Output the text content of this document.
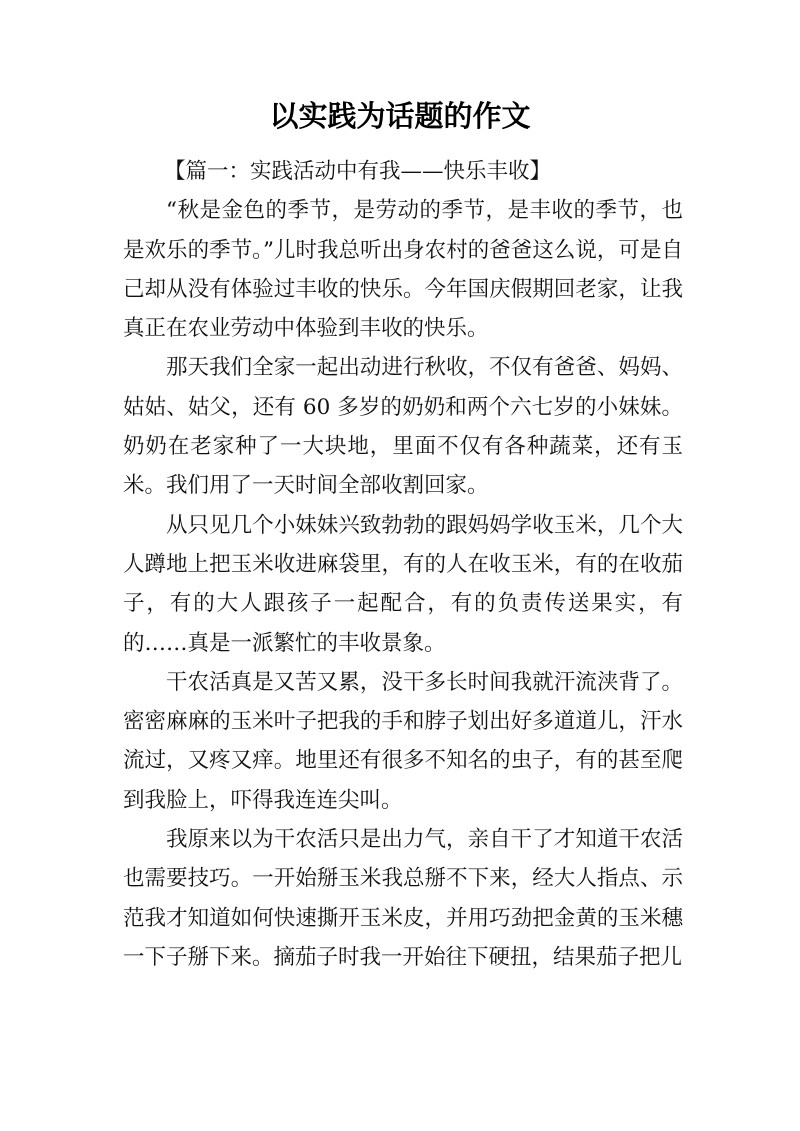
以实践为话题的作文

【篇一：实践活动中有我——快乐丰收】

“秋是金色的季节，是劳动的季节，是丰收的季节，也是欢乐的季节。”儿时我总听出身农村的爸爸这么说，可是自己却从没有体验过丰收的快乐。今年国庆假期回老家，让我真正在农业劳动中体验到丰收的快乐。

那天我们全家一起出动进行秋收，不仅有爸爸、妈妈、姑姑、姑父，还有 60 多岁的奶奶和两个六七岁的小妹妹。奶奶在老家种了一大块地，里面不仅有各种蔬菜，还有玉米。我们用了一天时间全部收割回家。

从只见几个小妹妹兴致勃勃的跟妈妈学收玉米，几个大人蹲地上把玉米收进麻袋里，有的人在收玉米，有的在收茄子，有的大人跟孩子一起配合，有的负责传送果实，有的……真是一派繁忙的丰收景象。

干农活真是又苦又累，没干多长时间我就汗流浃背了。密密麻麻的玉米叶子把我的手和脖子划出好多道道儿，汗水流过，又疼又痒。地里还有很多不知名的虫子，有的甚至爬到我脸上，吓得我连连尖叫。

我原来以为干农活只是出力气，亲自干了才知道干农活也需要技巧。一开始掰玉米我总掰不下来，经大人指点、示范我才知道如何快速撕开玉米皮，并用巧劲把金黄的玉米穗一下子掰下来。摘茄子时我一开始往下硬扭，结果茄子把儿
